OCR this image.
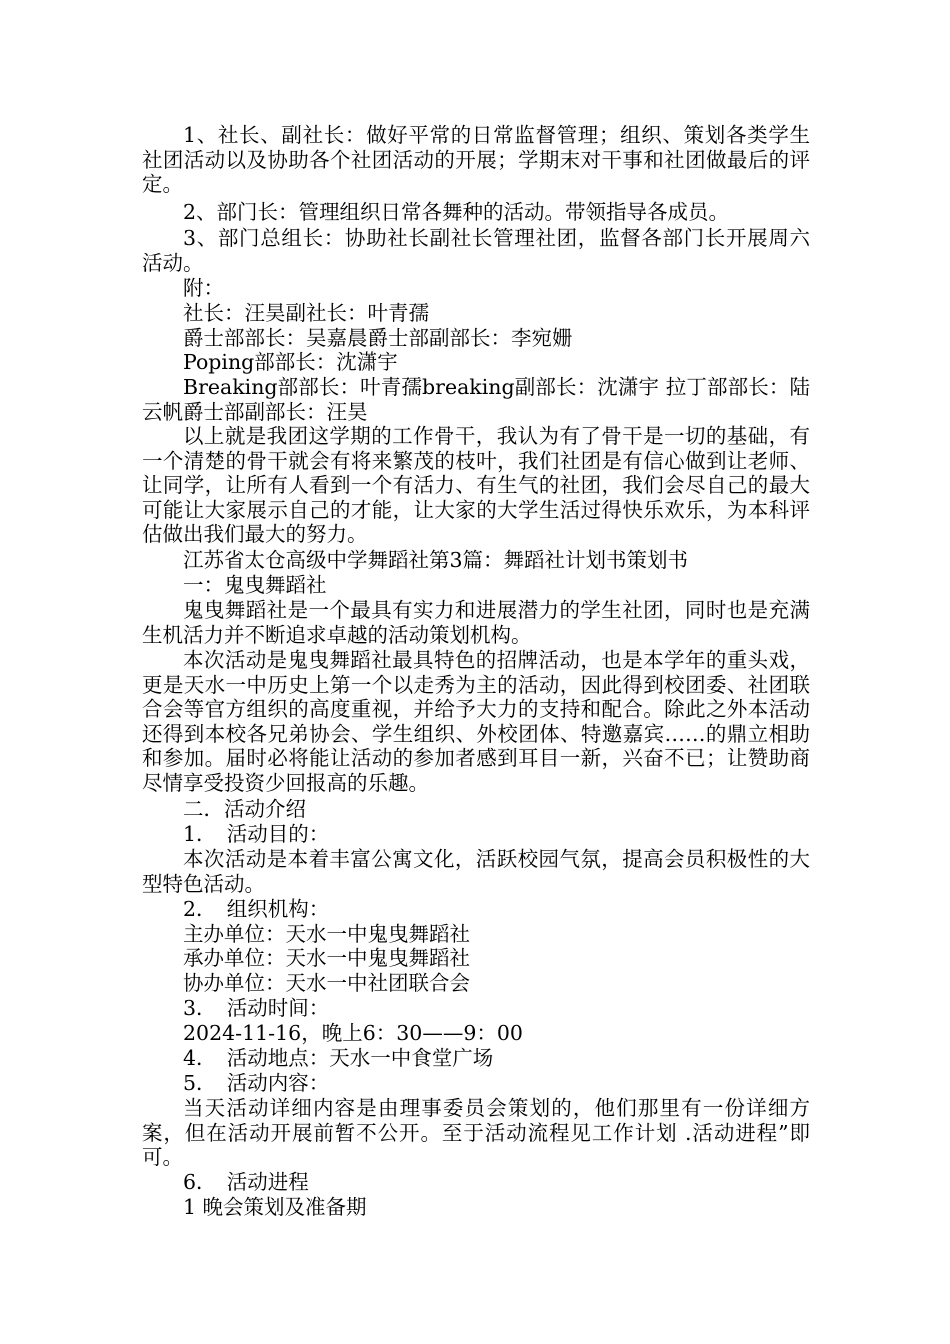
1、社长、副社长：做好平常的日常监督管理；组织、策划各类学生社团活动以及协助各个社团活动的开展；学期末对干事和社团做最后的评定。
2、部门长：管理组织日常各舞种的活动。带领指导各成员。
3、部门总组长：协助社长副社长管理社团，监督各部门长开展周六活动。
附：
社长：汪昊副社长：叶青孺
爵士部部长：吴嘉晨爵士部副部长：李宛姗
Poping部部长：沈潇宇
Breaking部部长：叶青孺breaking副部长：沈潇宇 拉丁部部长：陆云帆爵士部副部长：汪昊
以上就是我团这学期的工作骨干，我认为有了骨干是一切的基础，有一个清楚的骨干就会有将来繁茂的枝叶，我们社团是有信心做到让老师、让同学，让所有人看到一个有活力、有生气的社团，我们会尽自己的最大可能让大家展示自己的才能，让大家的大学生活过得快乐欢乐，为本科评估做出我们最大的努力。
江苏省太仓高级中学舞蹈社第3篇：舞蹈社计划书策划书
一：鬼曳舞蹈社
鬼曳舞蹈社是一个最具有实力和进展潜力的学生社团，同时也是充满生机活力并不断追求卓越的活动策划机构。
本次活动是鬼曳舞蹈社最具特色的招牌活动，也是本学年的重头戏，更是天水一中历史上第一个以走秀为主的活动，因此得到校团委、社团联合会等官方组织的高度重视，并给予大力的支持和配合。除此之外本活动还得到本校各兄弟协会、学生组织、外校团体、特邀嘉宾……的鼎立相助和参加。届时必将能让活动的参加者感到耳目一新，兴奋不已；让赞助商尽情享受投资少回报高的乐趣。
二．活动介绍
1．　活动目的：
本次活动是本着丰富公寓文化，活跃校园气氛，提高会员积极性的大型特色活动。
2．　组织机构：
主办单位：天水一中鬼曳舞蹈社
承办单位：天水一中鬼曳舞蹈社
协办单位：天水一中社团联合会
3．　活动时间：
2024-11-16，晚上6：30——9：00
4．　活动地点：天水一中食堂广场
5．　活动内容：
当天活动详细内容是由理事委员会策划的，他们那里有一份详细方案，但在活动开展前暂不公开。至于活动流程见工作计划 .活动进程”即可。
6．　活动进程
1 晚会策划及准备期
